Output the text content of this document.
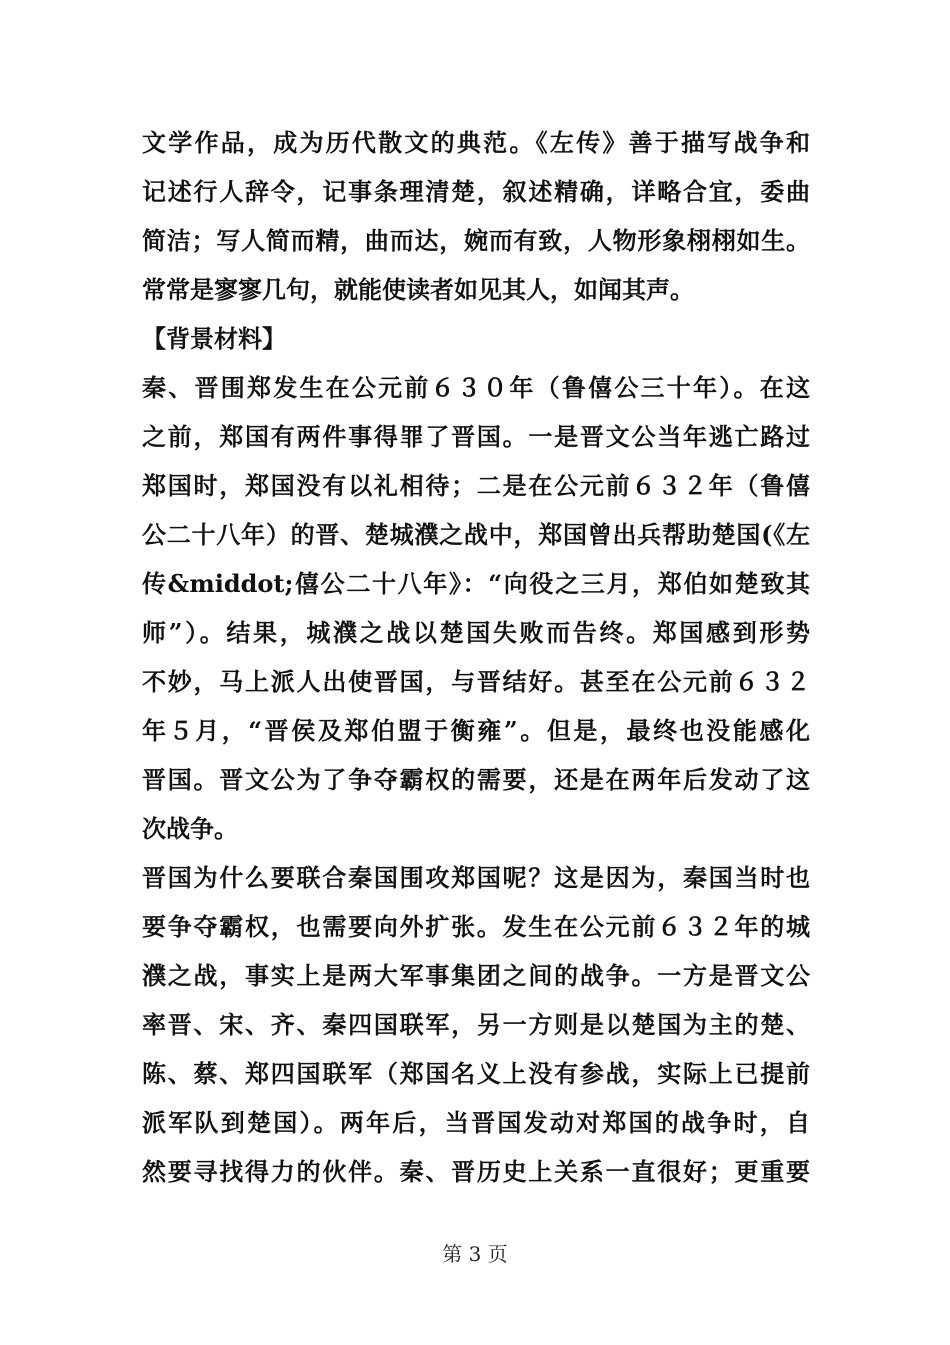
文学作品，成为历代散文的典范。《左传》善于描写战争和
记述行人辞令，记事条理清楚，叙述精确，详略合宜，委曲
简洁；写人简而精，曲而达，婉而有致，人物形象栩栩如生。
常常是寥寥几句，就能使读者如见其人，如闻其声。
【背景材料】
秦、晋围郑发生在公元前６３０年（鲁僖公三十年）。在这
之前，郑国有两件事得罪了晋国。一是晋文公当年逃亡路过
郑国时，郑国没有以礼相待；二是在公元前６３２年（鲁僖
公二十八年）的晋、楚城濮之战中，郑国曾出兵帮助楚国(《左
传&middot;僖公二十八年》：“向役之三月，郑伯如楚致其
师”）。结果，城濮之战以楚国失败而告终。郑国感到形势
不妙，马上派人出使晋国，与晋结好。甚至在公元前６３２
年５月，“晋侯及郑伯盟于衡雍”。但是，最终也没能感化
晋国。晋文公为了争夺霸权的需要，还是在两年后发动了这
次战争。
晋国为什么要联合秦国围攻郑国呢？这是因为，秦国当时也
要争夺霸权，也需要向外扩张。发生在公元前６３２年的城
濮之战，事实上是两大军事集团之间的战争。一方是晋文公
率晋、宋、齐、秦四国联军，另一方则是以楚国为主的楚、
陈、蔡、郑四国联军（郑国名义上没有参战，实际上已提前
派军队到楚国）。两年后，当晋国发动对郑国的战争时，自
然要寻找得力的伙伴。秦、晋历史上关系一直很好；更重要
第 3 页
